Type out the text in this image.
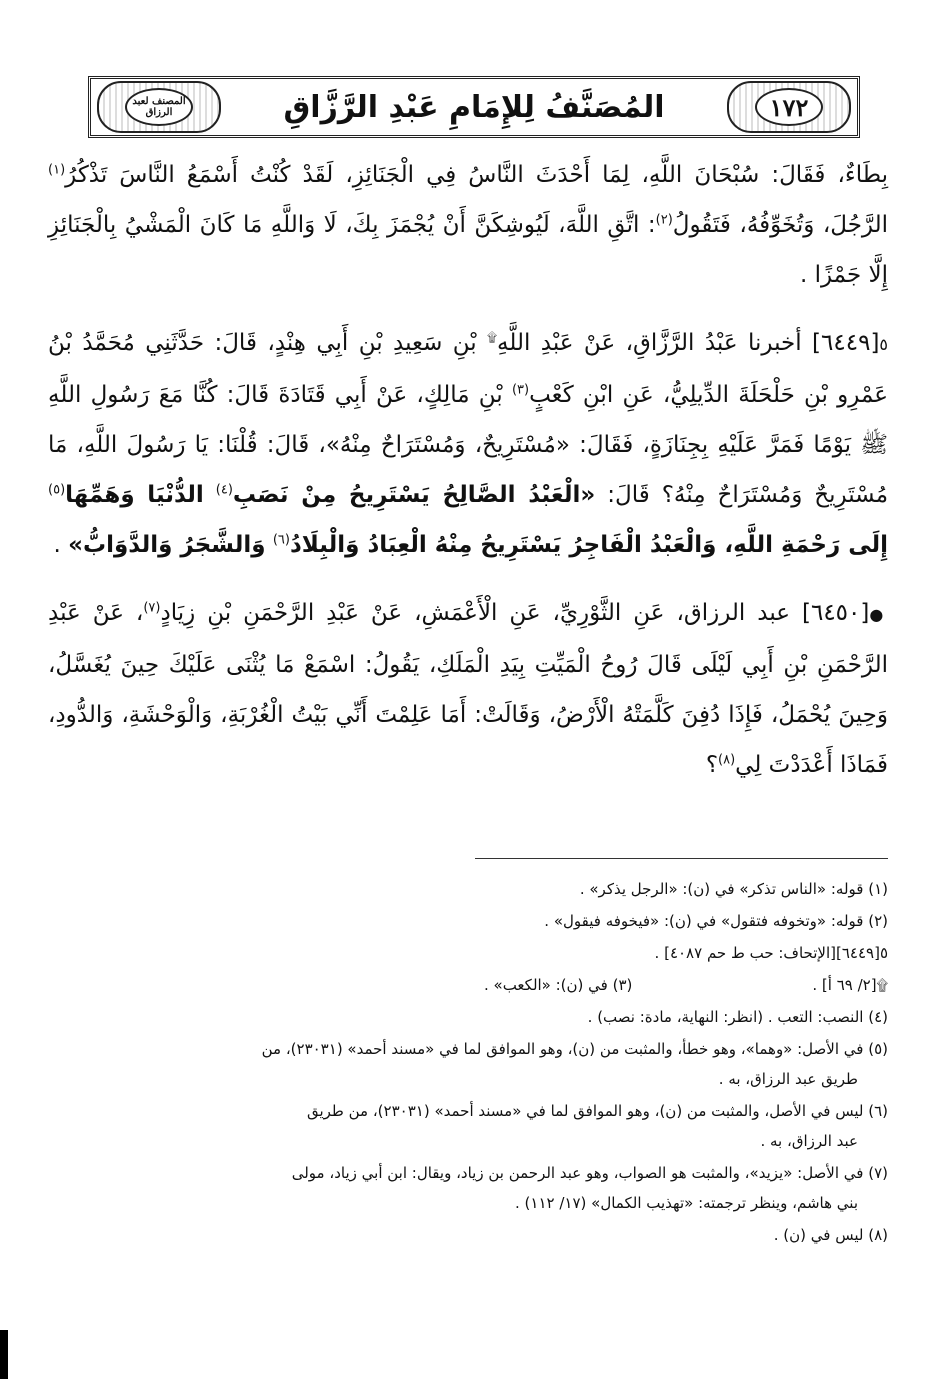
المصنف لعبد الرزاق	المُصَنَّفُ لِلإِمَامِ عَبْدِ الرَّزَّاقِ	١٧٢

بِطَاءٌ، فَقَالَ: سُبْحَانَ اللَّهِ، لِمَا أَحْدَثَ النَّاسُ فِي الْجَنَائِزِ، لَقَدْ كُنْتُ أَسْمَعُ النَّاسَ تَذْكُرُ$^{(١)}$ الرَّجُلَ، وَتُخَوِّفُهُ، فَتَقُولُ$^{(٢)}$: اتَّقِ اللَّهَ، لَيُوشِكَنَّ أَنْ يُجْمَزَ بِكَ، لَا وَاللَّهِ مَا كَانَ الْمَشْيُ بِالْجَنَائِزِ إِلَّا جَمْزًا .

٥[٦٤٤٩] أخبرنا عَبْدُ الرَّزَّاقِ، عَنْ عَبْدِ اللَّهِ۩ بْنِ سَعِيدِ بْنِ أَبِي هِنْدٍ، قَالَ: حَدَّثَنِي مُحَمَّدُ بْنُ عَمْرِو بْنِ حَلْحَلَةَ الدِّيلِيُّ، عَنِ ابْنِ كَعْبٍ$^{(٣)}$ بْنِ مَالِكٍ، عَنْ أَبِي قَتَادَةَ قَالَ: كُنَّا مَعَ رَسُولِ اللَّهِ ﷺ يَوْمًا فَمَرَّ عَلَيْهِ بِجِنَازَةٍ، فَقَالَ: «مُسْتَرِيحٌ، وَمُسْتَرَاحٌ مِنْهُ»، قَالَ: قُلْنَا: يَا رَسُولَ اللَّهِ، مَا مُسْتَرِيحٌ وَمُسْتَرَاحٌ مِنْهُ؟ قَالَ: «الْعَبْدُ الصَّالِحُ يَسْتَرِيحُ مِنْ نَصَبِ$^{(٤)}$ الدُّنْيَا وَهَمِّهَا$^{(٥)}$ إِلَى رَحْمَةِ اللَّهِ، وَالْعَبْدُ الْفَاجِرُ يَسْتَرِيحُ مِنْهُ الْعِبَادُ وَالْبِلَادُ$^{(٦)}$ وَالشَّجَرُ وَالدَّوَابُّ» .

●[٦٤٥٠] عبد الرزاق، عَنِ الثَّوْرِيِّ، عَنِ الْأَعْمَشِ، عَنْ عَبْدِ الرَّحْمَنِ بْنِ زِيَادٍ$^{(٧)}$، عَنْ عَبْدِ الرَّحْمَنِ بْنِ أَبِي لَيْلَى قَالَ رُوحُ الْمَيِّتِ بِيَدِ الْمَلَكِ، يَقُولُ: اسْمَعْ مَا يُثْنَى عَلَيْكَ حِينَ يُغَسَّلُ، وَحِينَ يُحْمَلُ، فَإِذَا دُفِنَ كَلَّمَتْهُ الْأَرْضُ، وَقَالَتْ: أَمَا عَلِمْتَ أَنِّي بَيْتُ الْغُرْبَةِ، وَالْوَحْشَةِ، وَالدُّودِ، فَمَاذَا أَعْدَدْتَ لِي$^{(٨)}$؟

(١) قوله: «الناس تذكر» في (ن): «الرجل يذكر» .
(٢) قوله: «وتخوفه فتقول» في (ن): «فيخوفه فيقول» .
٥[٦٤٤٩][الإتحاف: حب ط حم ٤٠٨٧] .
۩[٢/ ٦٩ أ] .
(٣) في (ن): «الكعب» .
(٤) النصب: التعب . (انظر: النهاية، مادة: نصب) .
(٥) في الأصل: «وهما»، وهو خطأ، والمثبت من (ن)، وهو الموافق لما في «مسند أحمد» (٢٣٠٣١)، من
طريق عبد الرزاق، به .
(٦) ليس في الأصل، والمثبت من (ن)، وهو الموافق لما في «مسند أحمد» (٢٣٠٣١)، من طريق
عبد الرزاق، به .
(٧) في الأصل: «يزيد»، والمثبت هو الصواب، وهو عبد الرحمن بن زياد، ويقال: ابن أبي زياد، مولى
بني هاشم، وينظر ترجمته: «تهذيب الكمال» (١٧/ ١١٢) .
(٨) ليس في (ن) .
